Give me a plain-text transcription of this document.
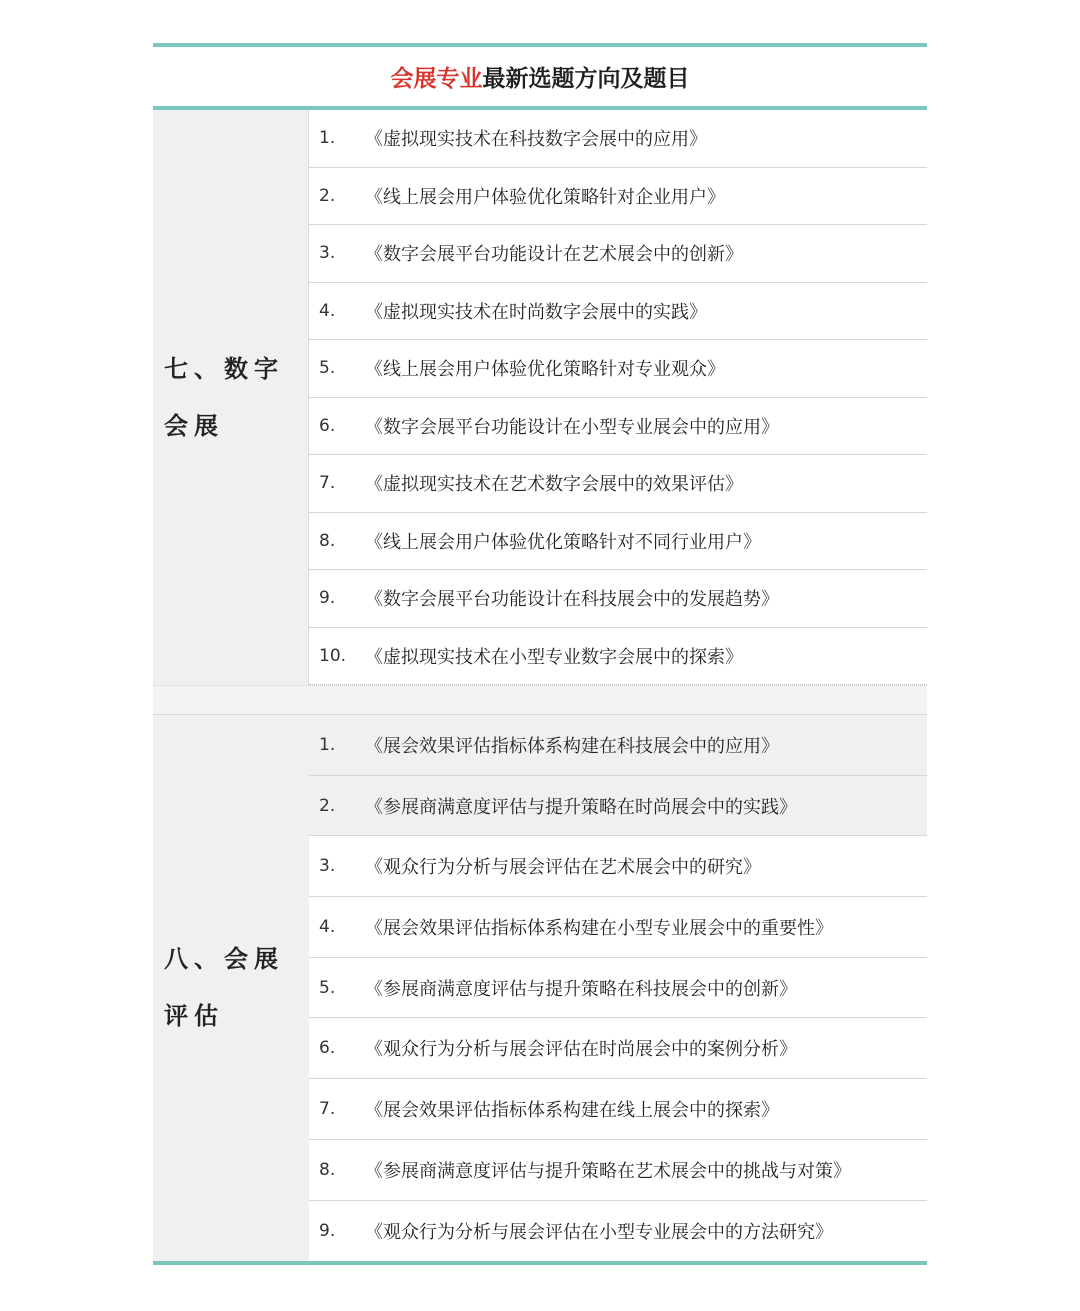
会展专业 最新选题方向及题目
七、数字会展
1.	《虚拟现实技术在科技数字会展中的应用》
2.	《线上展会用户体验优化策略针对企业用户》
3.	《数字会展平台功能设计在艺术展会中的创新》
4.	《虚拟现实技术在时尚数字会展中的实践》
5.	《线上展会用户体验优化策略针对专业观众》
6.	《数字会展平台功能设计在小型专业展会中的应用》
7.	《虚拟现实技术在艺术数字会展中的效果评估》
8.	《线上展会用户体验优化策略针对不同行业用户》
9.	《数字会展平台功能设计在科技展会中的发展趋势》
10.	《虚拟现实技术在小型专业数字会展中的探索》
八、会展评估
1.	《展会效果评估指标体系构建在科技展会中的应用》
2.	《参展商满意度评估与提升策略在时尚展会中的实践》
3.	《观众行为分析与展会评估在艺术展会中的研究》
4.	《展会效果评估指标体系构建在小型专业展会中的重要性》
5.	《参展商满意度评估与提升策略在科技展会中的创新》
6.	《观众行为分析与展会评估在时尚展会中的案例分析》
7.	《展会效果评估指标体系构建在线上展会中的探索》
8.	《参展商满意度评估与提升策略在艺术展会中的挑战与对策》
9.	《观众行为分析与展会评估在小型专业展会中的方法研究》
